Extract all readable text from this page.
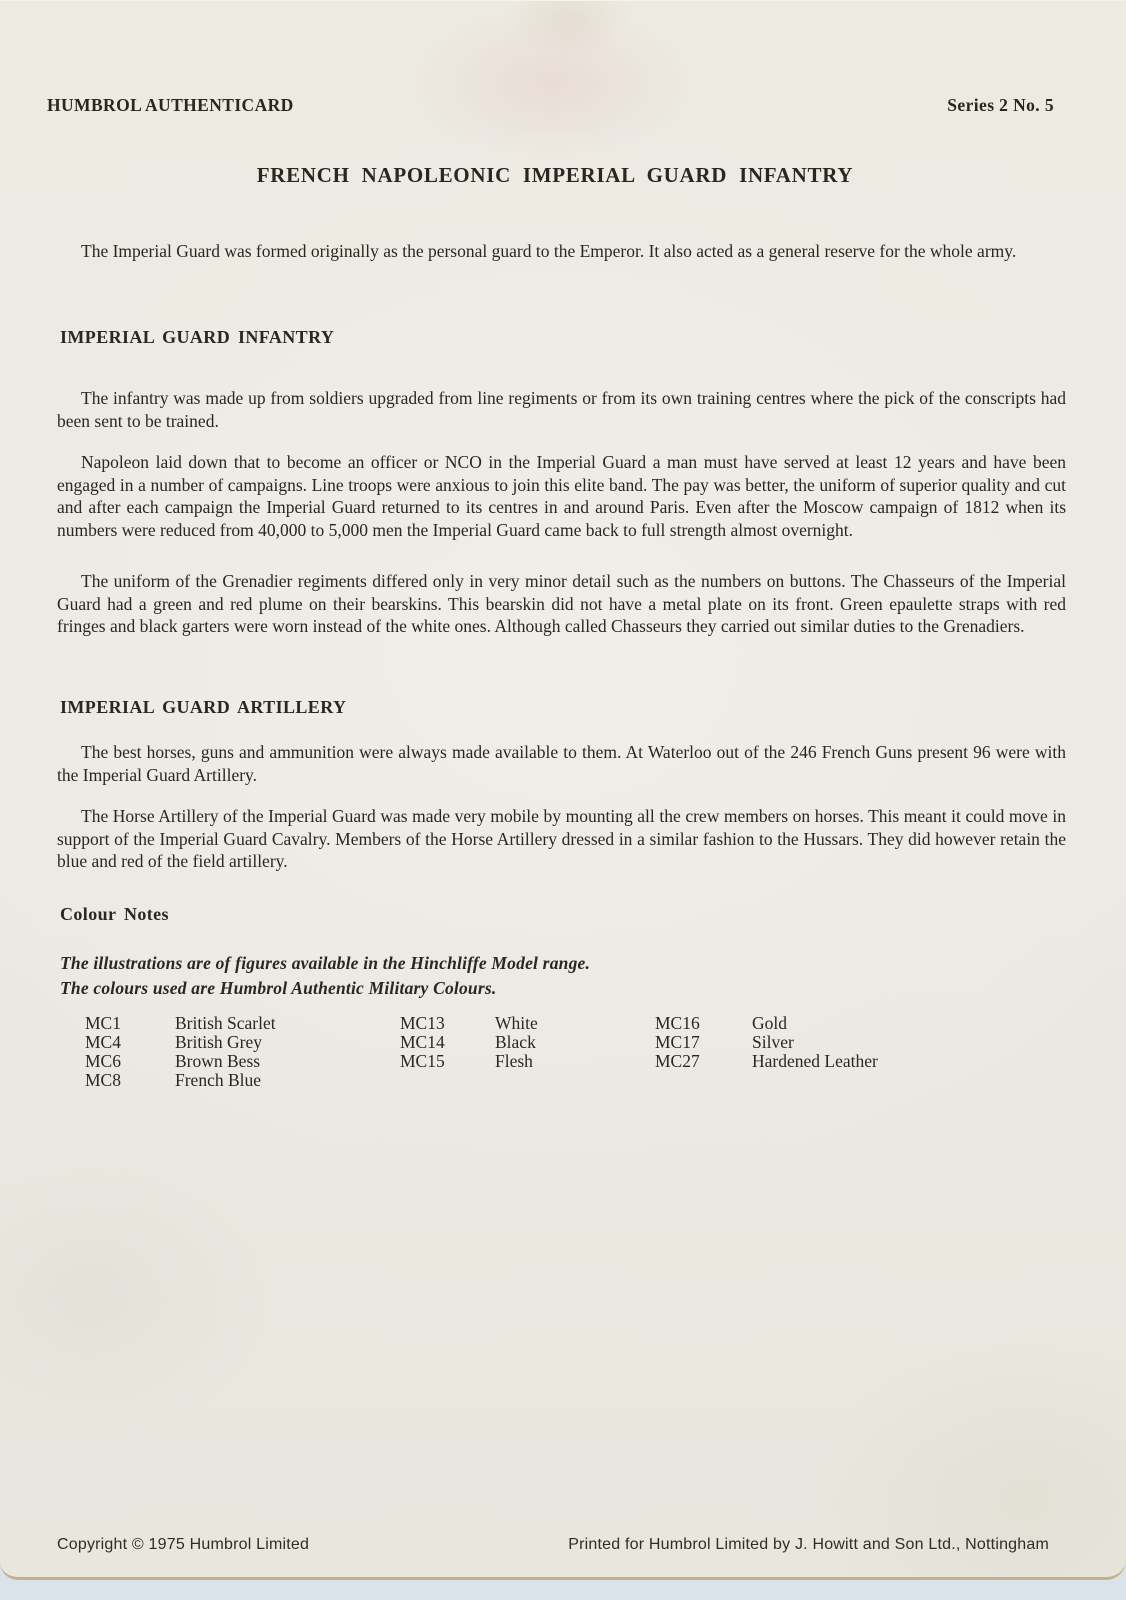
HUMBROL AUTHENTICARD	Series 2 No. 5
FRENCH NAPOLEONIC IMPERIAL GUARD INFANTRY

The Imperial Guard was formed originally as the personal guard to the Emperor. It also acted as a general reserve for the whole army.

IMPERIAL GUARD INFANTRY

The infantry was made up from soldiers upgraded from line regiments or from its own training centres where the pick of the conscripts had been sent to be trained.

Napoleon laid down that to become an officer or NCO in the Imperial Guard a man must have served at least 12 years and have been engaged in a number of campaigns. Line troops were anxious to join this elite band. The pay was better, the uniform of superior quality and cut and after each campaign the Imperial Guard returned to its centres in and around Paris. Even after the Moscow campaign of 1812 when its numbers were reduced from 40,000 to 5,000 men the Imperial Guard came back to full strength almost overnight.

The uniform of the Grenadier regiments differed only in very minor detail such as the numbers on buttons. The Chasseurs of the Imperial Guard had a green and red plume on their bearskins. This bearskin did not have a metal plate on its front. Green epaulette straps with red fringes and black garters were worn instead of the white ones. Although called Chasseurs they carried out similar duties to the Grenadiers.

IMPERIAL GUARD ARTILLERY

The best horses, guns and ammunition were always made available to them. At Waterloo out of the 246 French Guns present 96 were with the Imperial Guard Artillery.

The Horse Artillery of the Imperial Guard was made very mobile by mounting all the crew members on horses. This meant it could move in support of the Imperial Guard Cavalry. Members of the Horse Artillery dressed in a similar fashion to the Hussars. They did however retain the blue and red of the field artillery.

Colour Notes
The illustrations are of figures available in the Hinchliffe Model range.
The colours used are Humbrol Authentic Military Colours.
MC1	British Scarlet	MC13	White	MC16	Gold
MC4	British Grey	MC14	Black	MC17	Silver
MC6	Brown Bess	MC15	Flesh	MC27	Hardened Leather
MC8	French Blue
Copyright © 1975 Humbrol Limited	Printed for Humbrol Limited by J. Howitt and Son Ltd., Nottingham
